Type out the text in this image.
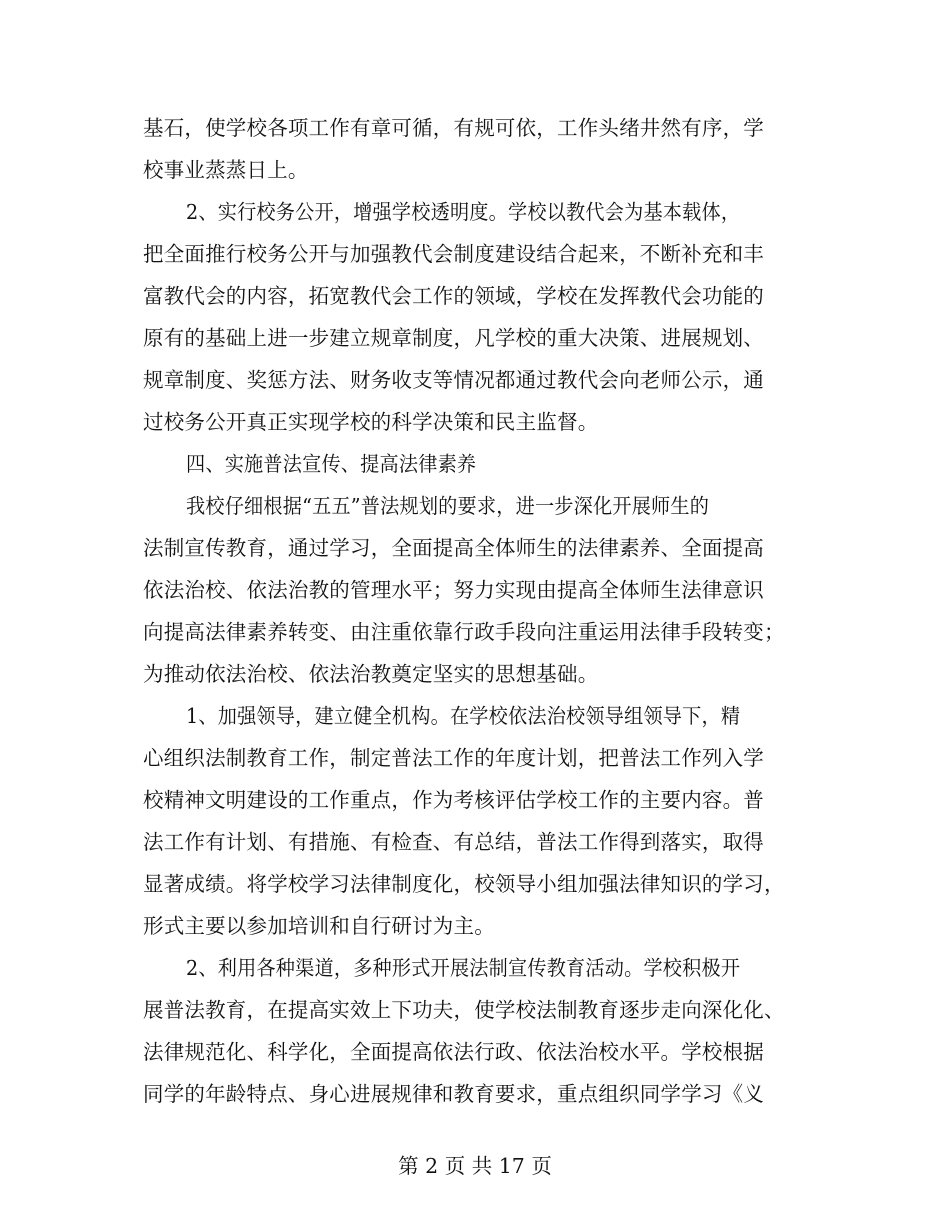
基石，使学校各项工作有章可循，有规可依，工作头绪井然有序，学
校事业蒸蒸日上。
2、实行校务公开，增强学校透明度。学校以教代会为基本载体，
把全面推行校务公开与加强教代会制度建设结合起来，不断补充和丰
富教代会的内容，拓宽教代会工作的领域，学校在发挥教代会功能的
原有的基础上进一步建立规章制度，凡学校的重大决策、进展规划、
规章制度、奖惩方法、财务收支等情况都通过教代会向老师公示，通
过校务公开真正实现学校的科学决策和民主监督。
四、实施普法宣传、提高法律素养
我校仔细根据“五五”普法规划的要求，进一步深化开展师生的
法制宣传教育，通过学习，全面提高全体师生的法律素养、全面提高
依法治校、依法治教的管理水平；努力实现由提高全体师生法律意识
向提高法律素养转变、由注重依靠行政手段向注重运用法律手段转变；
为推动依法治校、依法治教奠定坚实的思想基础。
1、加强领导，建立健全机构。在学校依法治校领导组领导下，精
心组织法制教育工作，制定普法工作的年度计划，把普法工作列入学
校精神文明建设的工作重点，作为考核评估学校工作的主要内容。普
法工作有计划、有措施、有检查、有总结，普法工作得到落实，取得
显著成绩。将学校学习法律制度化，校领导小组加强法律知识的学习，
形式主要以参加培训和自行研讨为主。
2、利用各种渠道，多种形式开展法制宣传教育活动。学校积极开
展普法教育，在提高实效上下功夫，使学校法制教育逐步走向深化化、
法律规范化、科学化，全面提高依法行政、依法治校水平。学校根据
同学的年龄特点、身心进展规律和教育要求，重点组织同学学习《义
第 2 页 共 17 页
